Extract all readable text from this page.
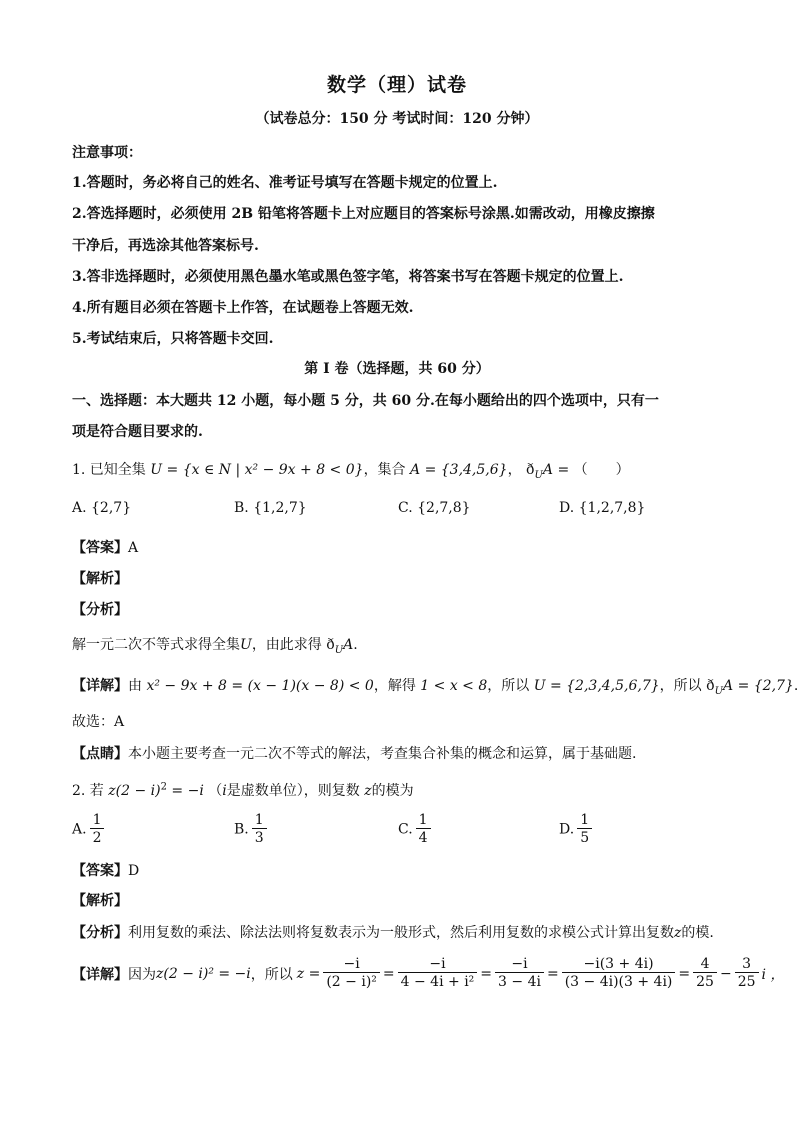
数学（理）试卷
（试卷总分：150 分 考试时间：120 分钟）
注意事项：
1.答题时，务必将自己的姓名、准考证号填写在答题卡规定的位置上.
2.答选择题时，必须使用 2B 铅笔将答题卡上对应题目的答案标号涂黑.如需改动，用橡皮擦擦
干净后，再选涂其他答案标号.
3.答非选择题时，必须使用黑色墨水笔或黑色签字笔，将答案书写在答题卡规定的位置上.
4.所有题目必须在答题卡上作答，在试题卷上答题无效.
5.考试结束后，只将答题卡交回.
第 I 卷（选择题，共 60 分）
一、选择题：本大题共 12 小题，每小题 5 分，共 60 分.在每小题给出的四个选项中，只有一
项是符合题目要求的.
1. 已知全集 U = {x ∈ N | x² − 9x + 8 < 0}，集合 A = {3,4,5,6}， $ð_UA$ = （　　）
A. {2,7}	B. {1,2,7}	C. {2,7,8}	D. {1,2,7,8}
【答案】A
【解析】
【分析】
解一元二次不等式求得全集U，由此求得 $ð_UA$.
【详解】由 x² − 9x + 8 = (x − 1)(x − 8) < 0，解得 1 < x < 8，所以 U = {2,3,4,5,6,7}，所以 $ð_UA = \{2,7\}$.
故选：A
【点睛】本小题主要考查一元二次不等式的解法，考查集合补集的概念和运算，属于基础题.
2. 若 $z(2 - i)^2 = -i$ （i是虚数单位），则复数 z的模为
A. $\frac{1}{2}$	B. $\frac{1}{3}$	C. $\frac{1}{4}$	D. $\frac{1}{5}$
【答案】D
【解析】
【分析】利用复数的乘法、除法法则将复数表示为一般形式，然后利用复数的求模公式计算出复数z的模.
【详解】 因为 z(2 − i)² = −i ，所以 $z = \frac{-i}{\text{(2 − i)²}} = \frac{-i}{\text{4 − 4i + i²}} = \frac{-i}{3 - 4i} = \frac{-i(3 + 4i)}{(3 - 4i)(3 + 4i)} = \frac{4}{25} - \frac{3}{25}$ i ，
